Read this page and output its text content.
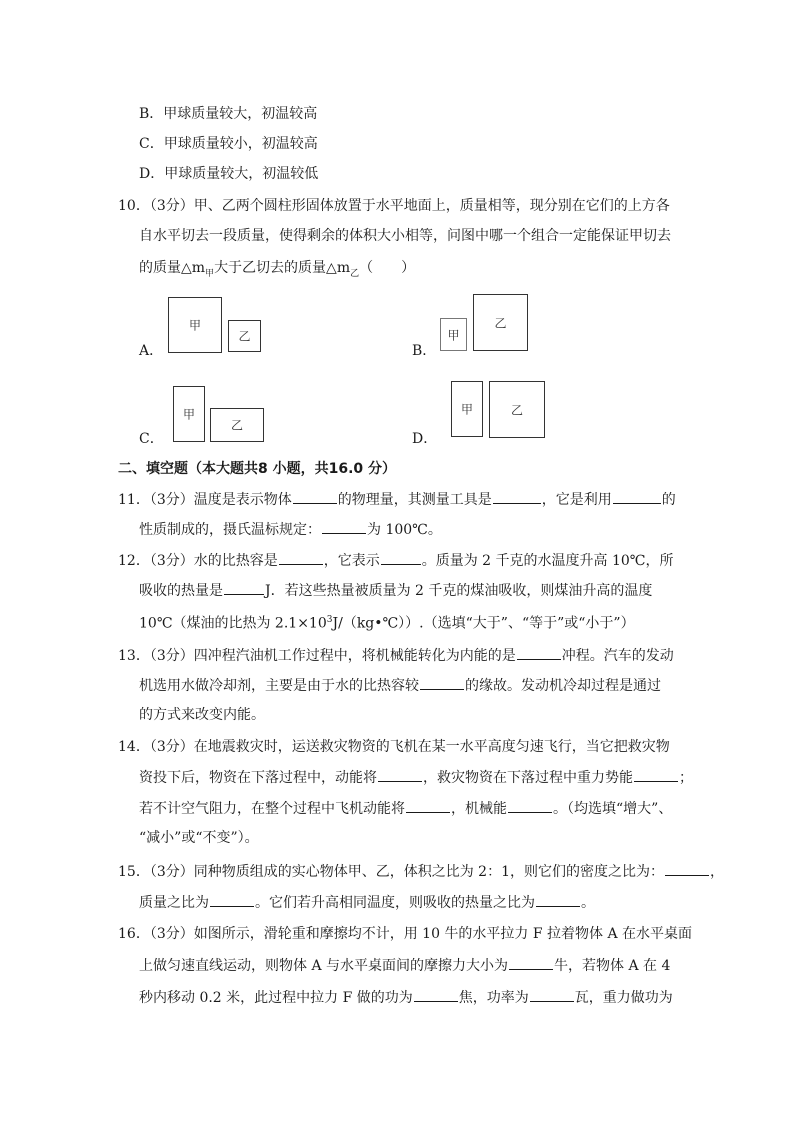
B．甲球质量较大，初温较高
C．甲球质量较小，初温较高
D．甲球质量较大，初温较低
10．（3分）甲、乙两个圆柱形固体放置于水平地面上，质量相等，现分别在它们的上方各
自水平切去一段质量，使得剩余的体积大小相等，问图中哪一个组合一定能保证甲切去
的质量$\triangle m_甲$大于乙切去的质量$\triangle m_乙$（　　）
A．
甲
乙
B．
甲
乙
C．
甲
乙
D．
甲	乙
二、填空题（本大题共8 小题，共16.0 分）
11．（3分）温度是表示物体	的物理量，其测量工具是	，它是利用	的
性质制成的，摄氏温标规定：	为 100℃。
12．（3分）水的比热容是	，它表示	。质量为 2 千克的水温度升高 10℃，所
吸收的热量是	J．若这些热量被质量为 2 千克的煤油吸收，则煤油升高的温度
10℃（煤油的比热为 $2.1\times 10^3J/(kg•℃)$）.（选填“大于”、“等于”或“小于”）
13．（3分）四冲程汽油机工作过程中，将机械能转化为内能的是	冲程。汽车的发动
机选用水做冷却剂，主要是由于水的比热容较	的缘故。发动机冷却过程是通过
的方式来改变内能。
14．（3分）在地震救灾时，运送救灾物资的飞机在某一水平高度匀速飞行，当它把救灾物
资投下后，物资在下落过程中，动能将	，救灾物资在下落过程中重力势能	；
若不计空气阻力，在整个过程中飞机动能将	，机械能	。（均选填“增大”、
“减小”或“不变”）。
15．（3分）同种物质组成的实心物体甲、乙，体积之比为 2：1，则它们的密度之比为：	，
质量之比为	。它们若升高相同温度，则吸收的热量之比为	。
16．（3分）如图所示，滑轮重和摩擦均不计，用 10 牛的水平拉力 F 拉着物体 A 在水平桌面
上做匀速直线运动，则物体 A 与水平桌面间的摩擦力大小为	牛，若物体 A 在 4
秒内移动 0.2 米，此过程中拉力 F 做的功为	焦，功率为	瓦，重力做功为
